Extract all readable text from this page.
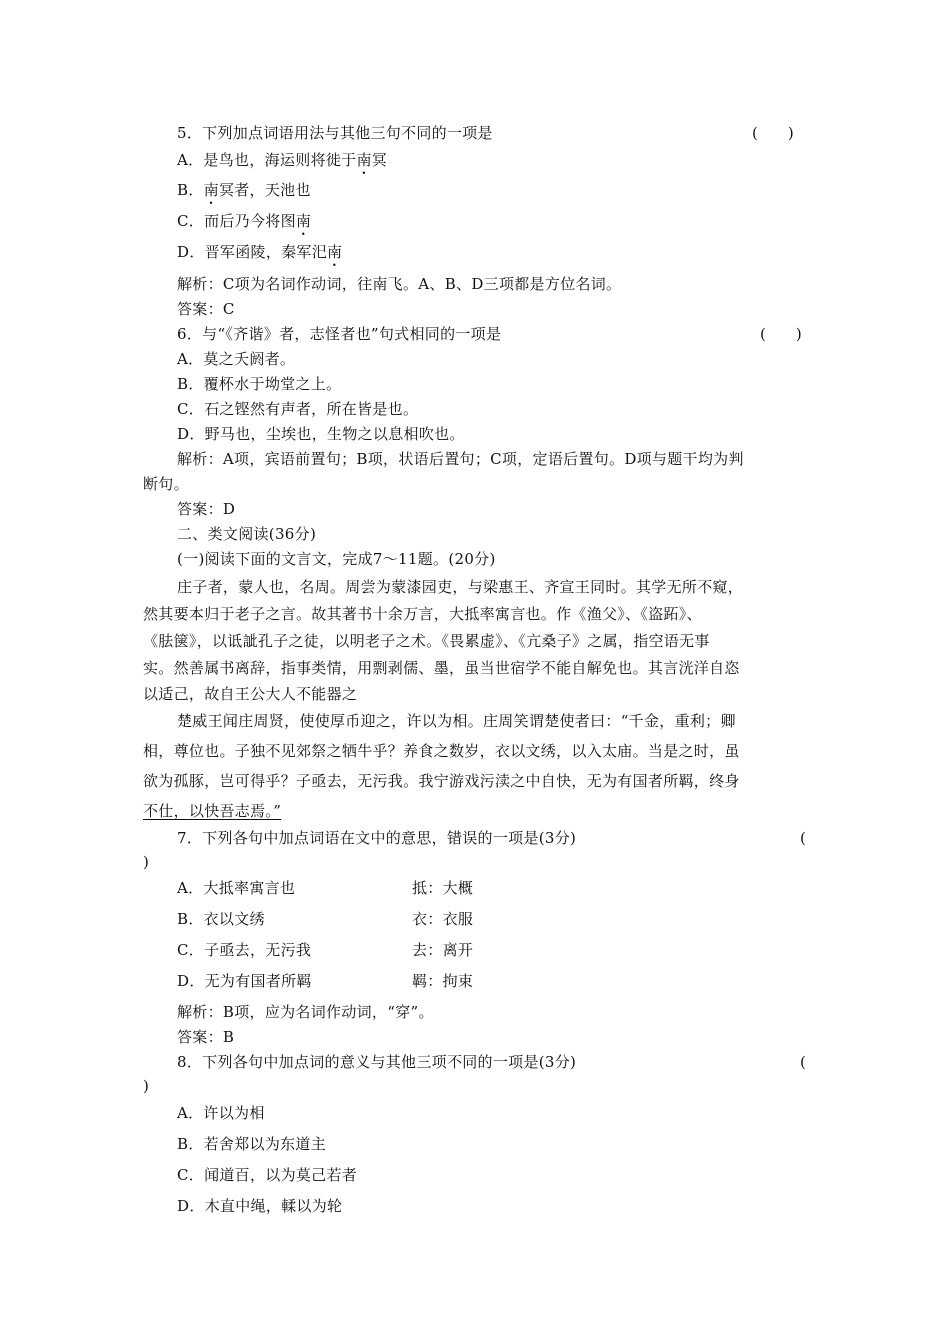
5．下列加点词语用法与其他三句不同的一项是	(　　)
A．是鸟也，海运则将徙于南冥
B．南冥者，天池也
C．而后乃今将图南
D．晋军函陵，秦军汜南
解析：C项为名词作动词，往南飞。A、B、D三项都是方位名词。
答案：C
6．与“《齐谐》者，志怪者也”句式相同的一项是	(　　)
A．莫之夭阏者。
B．覆杯水于坳堂之上。
C．石之铿然有声者，所在皆是也。
D．野马也，尘埃也，生物之以息相吹也。
解析：A项，宾语前置句；B项，状语后置句；C项，定语后置句。D项与题干均为判
断句。
答案：D
二、类文阅读(36分)
(一)阅读下面的文言文，完成7～11题。(20分)
庄子者，蒙人也，名周。周尝为蒙漆园吏，与梁惠王、齐宣王同时。其学无所不窥，
然其要本归于老子之言。故其著书十余万言，大抵率寓言也。作《渔父》、《盗跖》、
《胠箧》，以诋訿孔子之徒，以明老子之术。《畏累虚》、《亢桑子》之属，指空语无事
实。然善属书离辞，指事类情，用剽剥儒、墨，虽当世宿学不能自解免也。其言洸洋自恣
以适己，故自王公大人不能器之
楚威王闻庄周贤，使使厚币迎之，许以为相。庄周笑谓楚使者曰：“千金，重利；卿
相，尊位也。子独不见郊祭之牺牛乎？养食之数岁，衣以文绣，以入太庙。当是之时，虽
欲为孤豚，岂可得乎？子亟去，无污我。我宁游戏污渎之中自快，无为有国者所羁，终身
不仕，以快吾志焉。”
7．下列各句中加点词语在文中的意思，错误的一项是(3分)	(
)
A．大抵率寓言也	抵：大概
B．衣以文绣	衣：衣服
C．子亟去，无污我	去：离开
D．无为有国者所羁	羁：拘束
解析：B项，应为名词作动词，“穿”。
答案：B
8．下列各句中加点词的意义与其他三项不同的一项是(3分)	(
)
A．许以为相
B．若舍郑以为东道主
C．闻道百，以为莫己若者
D．木直中绳，輮以为轮
